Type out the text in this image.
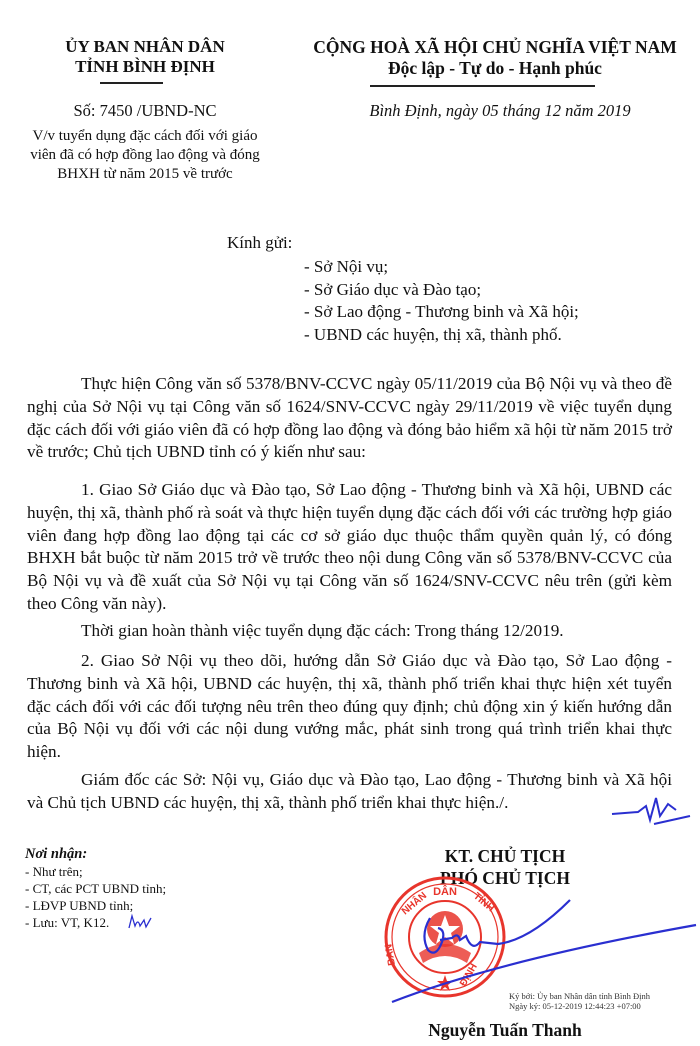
ỦY BAN NHÂN DÂN
TỈNH BÌNH ĐỊNH
Số: 7450 /UBND-NC
V/v tuyển dụng đặc cách đối với giáo
viên đã có hợp đồng lao động và đóng
BHXH từ năm 2015 về trước
CỘNG HOÀ XÃ HỘI CHỦ NGHĨA VIỆT NAM
Độc lập - Tự do - Hạnh phúc
Bình Định, ngày 05 tháng 12 năm 2019
Kính gửi:
- Sở Nội vụ;
- Sở Giáo dục và Đào tạo;
- Sở Lao động - Thương binh và Xã hội;
- UBND các huyện, thị xã, thành phố.
Thực hiện Công văn số 5378/BNV-CCVC ngày 05/11/2019 của Bộ Nội vụ và theo đề nghị của Sở Nội vụ tại Công văn số 1624/SNV-CCVC ngày 29/11/2019 về việc tuyển dụng đặc cách đối với giáo viên đã có hợp đồng lao động và đóng bảo hiểm xã hội từ năm 2015 trở về trước; Chủ tịch UBND tỉnh có ý kiến như sau:
1. Giao Sở Giáo dục và Đào tạo, Sở Lao động - Thương binh và Xã hội, UBND các huyện, thị xã, thành phố rà soát và thực hiện tuyển dụng đặc cách đối với các trường hợp giáo viên đang hợp đồng lao động tại các cơ sở giáo dục thuộc thẩm quyền quản lý, có đóng BHXH bắt buộc từ năm 2015 trở về trước theo nội dung Công văn số 5378/BNV-CCVC của Bộ Nội vụ và đề xuất của Sở Nội vụ tại Công văn số 1624/SNV-CCVC nêu trên (gửi kèm theo Công văn này).
Thời gian hoàn thành việc tuyển dụng đặc cách: Trong tháng 12/2019.
2. Giao Sở Nội vụ theo dõi, hướng dẫn Sở Giáo dục và Đào tạo, Sở Lao động - Thương binh và Xã hội, UBND các huyện, thị xã, thành phố triển khai thực hiện xét tuyển đặc cách đối với các đối tượng nêu trên theo đúng quy định; chủ động xin ý kiến hướng dẫn của Bộ Nội vụ đối với các nội dung vướng mắc, phát sinh trong quá trình triển khai thực hiện.
Giám đốc các Sở: Nội vụ, Giáo dục và Đào tạo, Lao động - Thương binh và Xã hội và Chủ tịch UBND các huyện, thị xã, thành phố triển khai thực hiện./.
Nơi nhận:
- Như trên;
- CT, các PCT UBND tỉnh;
- LĐVP UBND tỉnh;
- Lưu: VT, K12.
KT. CHỦ TỊCH
PHÓ CHỦ TỊCH
DÂN
NHÂN	TỈNH
BAN
ĐỊNH
Ký bởi: Ủy ban Nhân dân tỉnh Bình Định
Ngày ký: 05-12-2019 12:44:23 +07:00
Nguyễn Tuấn Thanh
